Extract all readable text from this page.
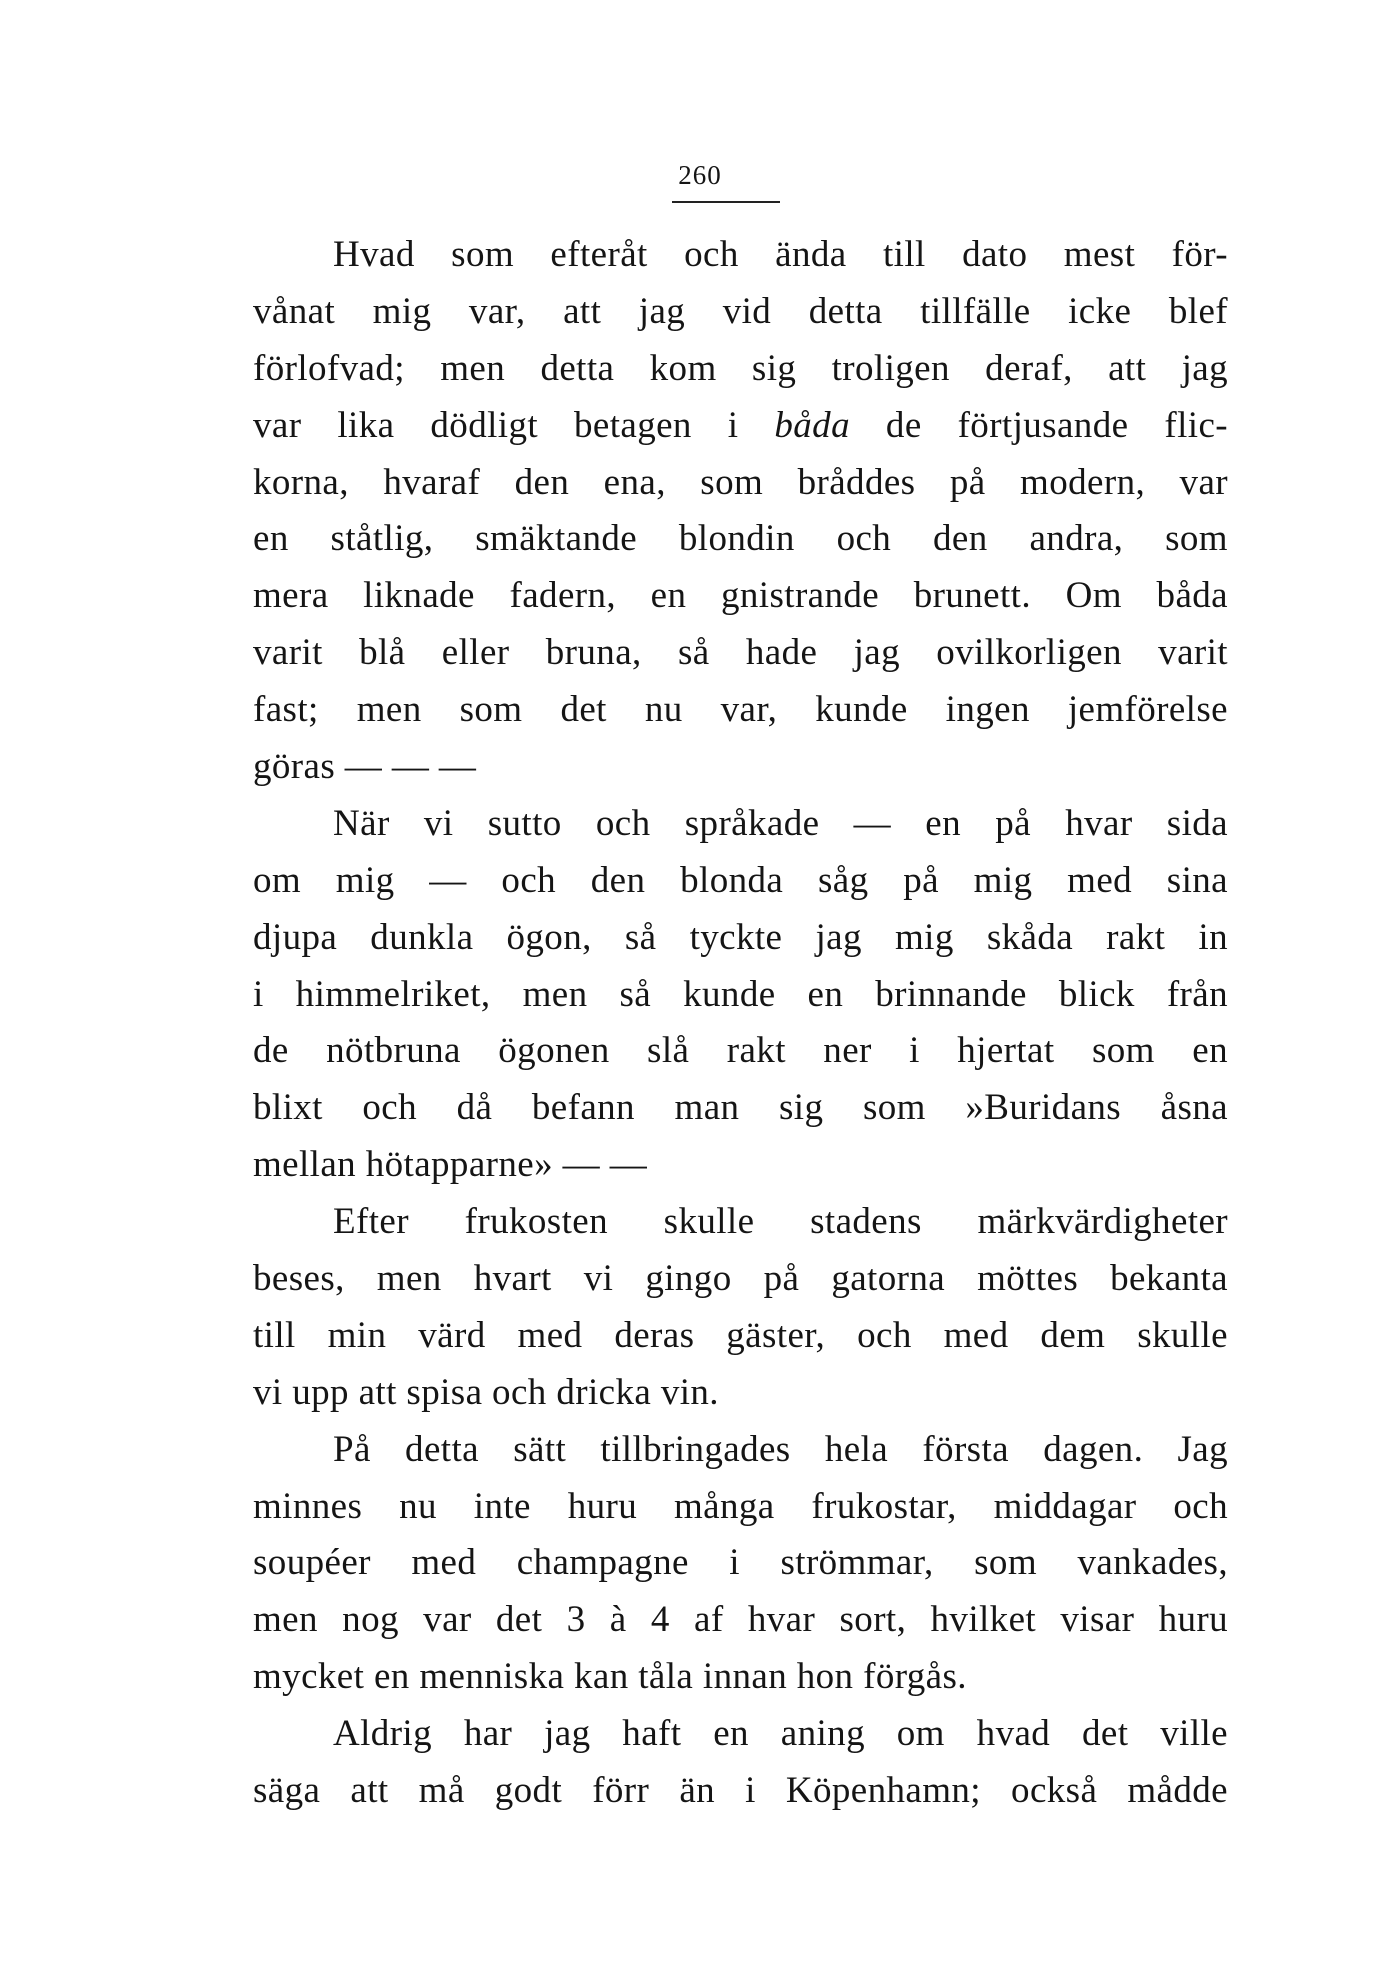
260
Hvad som efteråt och ända till dato mest för-
vånat mig var, att jag vid detta tillfälle icke blef
förlofvad; men detta kom sig troligen deraf, att jag
var lika dödligt betagen i båda de förtjusande flic-
korna, hvaraf den ena, som bråddes på modern, var
en ståtlig, smäktande blondin och den andra, som
mera liknade fadern, en gnistrande brunett. Om båda
varit blå eller bruna, så hade jag ovilkorligen varit
fast; men som det nu var, kunde ingen jemförelse
göras — — —
När vi sutto och språkade — en på hvar sida
om mig — och den blonda såg på mig med sina
djupa dunkla ögon, så tyckte jag mig skåda rakt in
i himmelriket, men så kunde en brinnande blick från
de nötbruna ögonen slå rakt ner i hjertat som en
blixt och då befann man sig som »Buridans åsna
mellan hötapparne» — —
Efter frukosten skulle stadens märkvärdigheter
beses, men hvart vi gingo på gatorna möttes bekanta
till min värd med deras gäster, och med dem skulle
vi upp att spisa och dricka vin.
På detta sätt tillbringades hela första dagen. Jag
minnes nu inte huru många frukostar, middagar och
soupéer med champagne i strömmar, som vankades,
men nog var det 3 à 4 af hvar sort, hvilket visar huru
mycket en menniska kan tåla innan hon förgås.
Aldrig har jag haft en aning om hvad det ville
säga att må godt förr än i Köpenhamn; också mådde
